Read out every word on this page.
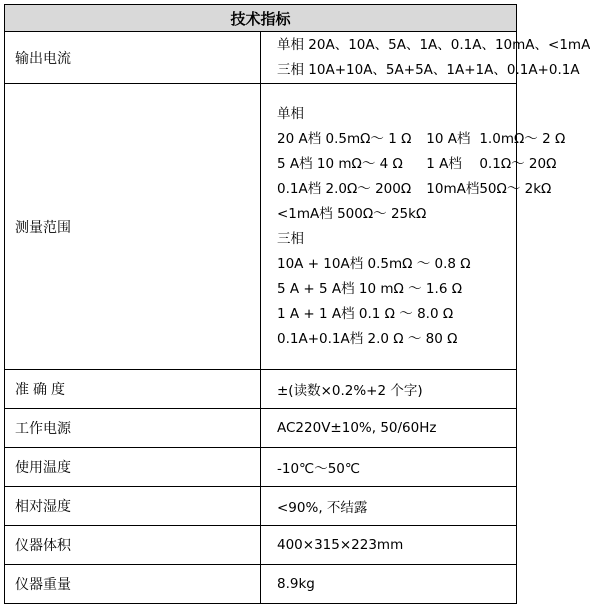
技术指标
输出电流	
单相 20A、10A、5A、1A、0.1A、10mA、<1mA
三相 10A+10A、5A+5A、1A+1A、0.1A+0.1A

测量范围	
单相
20 A档 0.5mΩ～ 1 Ω	10 A档	1.0mΩ～ 2 Ω
5 A档 10 mΩ～ 4 Ω	1 A档	0.1Ω～ 20Ω
0.1A档 2.0Ω～ 200Ω	10mA档	50Ω～ 2kΩ
<1mA档 500Ω～ 25kΩ		
三相
10A + 10A档 0.5mΩ ～ 0.8 Ω
5 A + 5 A档 10 mΩ ～ 1.6 Ω
1 A + 1 A档 0.1 Ω ～ 8.0 Ω
0.1A+0.1A档 2.0 Ω ～ 80 Ω

准确度	±(读数×0.2%+2 个字)
工作电源	AC220V±10%, 50/60Hz
使用温度	-10℃～50℃
相对湿度	<90%, 不结露
仪器体积	400×315×223mm
仪器重量	8.9kg
